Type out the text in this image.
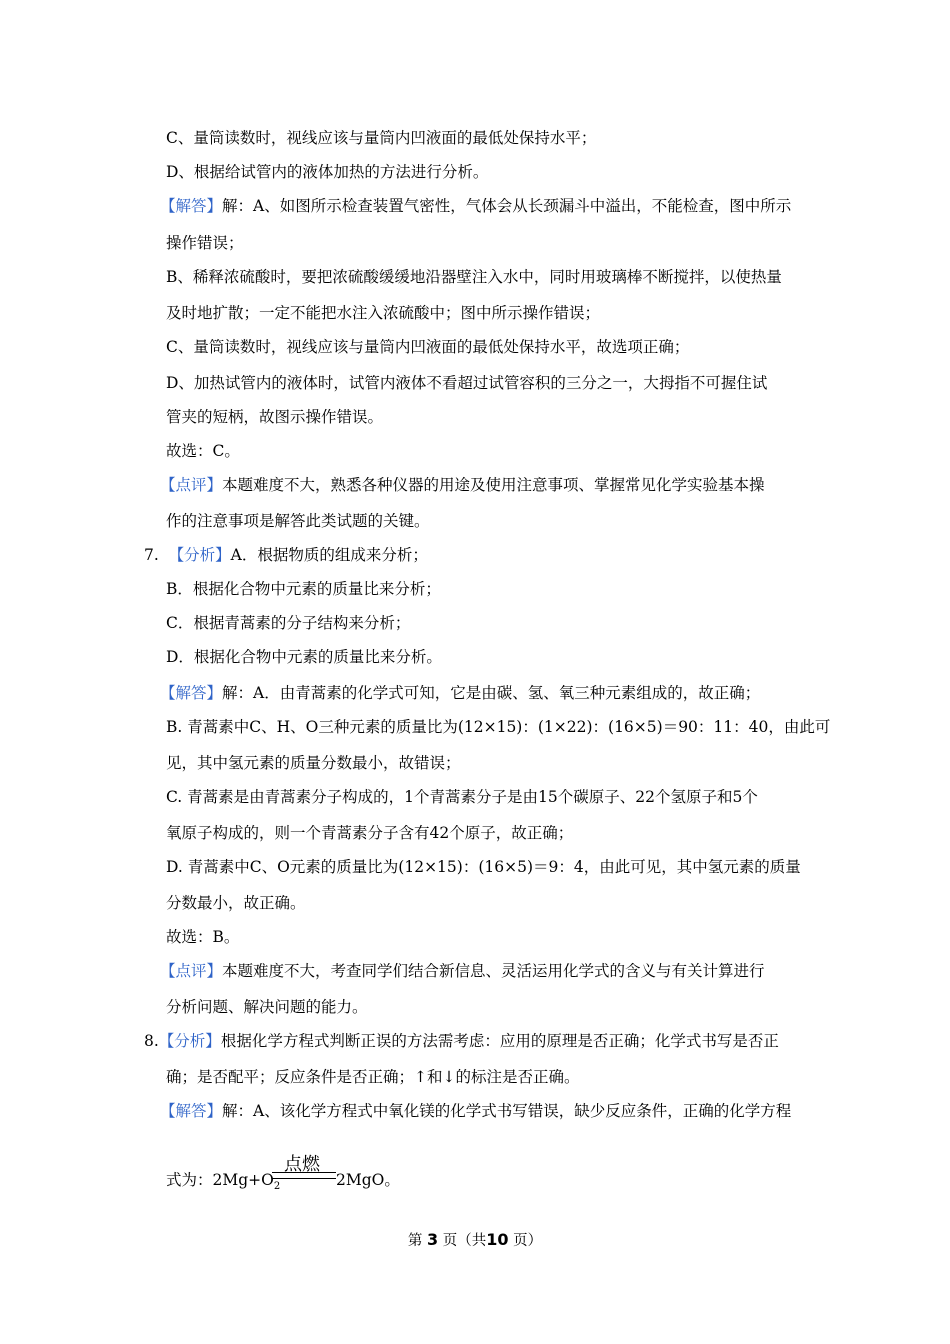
C、量筒读数时，视线应该与量筒内凹液面的最低处保持水平；
D、根据给试管内的液体加热的方法进行分析。
【解答】解：A、如图所示检查装置气密性，气体会从长颈漏斗中溢出，不能检查，图中所示
操作错误；
B、稀释浓硫酸时，要把浓硫酸缓缓地沿器壁注入水中，同时用玻璃棒不断搅拌，以使热量
及时地扩散；一定不能把水注入浓硫酸中；图中所示操作错误；
C、量筒读数时，视线应该与量筒内凹液面的最低处保持水平，故选项正确；
D、加热试管内的液体时，试管内液体不看超过试管容积的三分之一，大拇指不可握住试
管夹的短柄，故图示操作错误。
故选：C。
【点评】本题难度不大，熟悉各种仪器的用途及使用注意事项、掌握常见化学实验基本操
作的注意事项是解答此类试题的关键。
7. 【分析】A．根据物质的组成来分析；
B．根据化合物中元素的质量比来分析；
C．根据青蒿素的分子结构来分析；
D．根据化合物中元素的质量比来分析。
【解答】解：A．由青蒿素的化学式可知，它是由碳、氢、氧三种元素组成的，故正确；
B. 青蒿素中C、H、O三种元素的质量比为(12×15)：(1×22)：(16×5)＝90：11：40，由此可
见，其中氢元素的质量分数最小，故错误；
C. 青蒿素是由青蒿素分子构成的，1个青蒿素分子是由15个碳原子、22个氢原子和5个
氧原子构成的，则一个青蒿素分子含有42个原子，故正确；
D. 青蒿素中C、O元素的质量比为(12×15)：(16×5)＝9：4，由此可见，其中氢元素的质量
分数最小，故正确。
故选：B。
【点评】本题难度不大，考查同学们结合新信息、灵活运用化学式的含义与有关计算进行
分析问题、解决问题的能力。
8.【分析】根据化学方程式判断正误的方法需考虑：应用的原理是否正确；化学式书写是否正
确；是否配平；反应条件是否正确；↑和↓的标注是否正确。
【解答】解：A、该化学方程式中氧化镁的化学式书写错误，缺少反应条件，正确的化学方程
式为：$2Mg+O_2$
点燃
2MgO。
第 3 页（共10 页）
